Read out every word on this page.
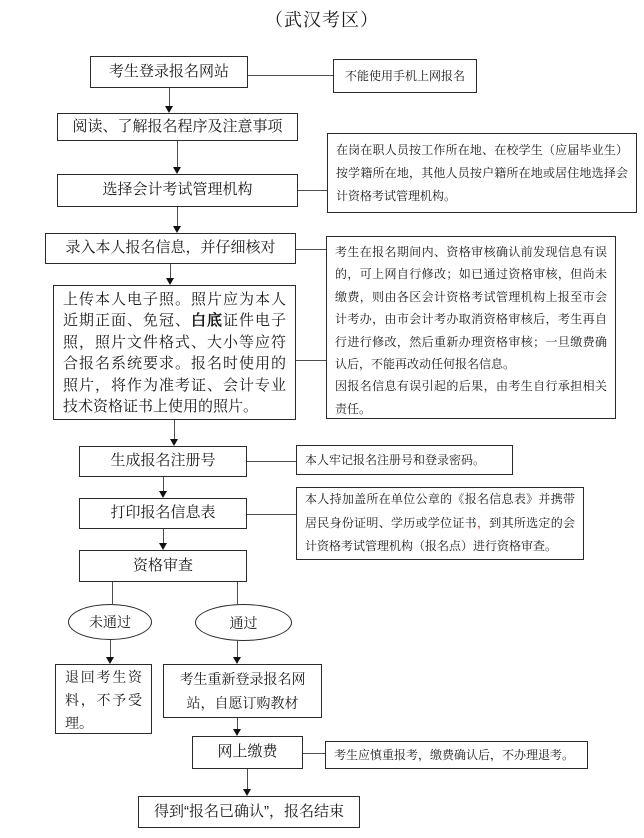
（武汉考区）
考生登录报名网站
阅读、了解报名程序及注意事项
选择会计考试管理机构
录入本人报名信息，并仔细核对
上传本人电子照。照片应为本人近期正面、免冠、白底证件电子照，照片文件格式、大小等应符合报名系统要求。报名时使用的照片，将作为准考证、会计专业技术资格证书上使用的照片。
生成报名注册号
打印报名信息表
资格审查
未通过	通过
退回考生资料，不予受理。
考生重新登录报名网站，自愿订购教材
网上缴费
得到“报名已确认”，报名结束
不能使用手机上网报名
在岗在职人员按工作所在地、在校学生（应届毕业生）按学籍所在地，其他人员按户籍所在地或居住地选择会计资格考试管理机构。
考生在报名期间内、资格审核确认前发现信息有误的，可上网自行修改；如已通过资格审核，但尚未缴费，则由各区会计资格考试管理机构上报至市会计考办，由市会计考办取消资格审核后，考生再自行进行修改，然后重新办理资格审核；一旦缴费确认后，不能再改动任何报名信息。
因报名信息有误引起的后果，由考生自行承担相关责任。
本人牢记报名注册号和登录密码。
本人持加盖所在单位公章的《报名信息表》并携带居民身份证明、学历或学位证书，到其所选定的会计资格考试管理机构（报名点）进行资格审查。
考生应慎重报考，缴费确认后，不办理退考。
